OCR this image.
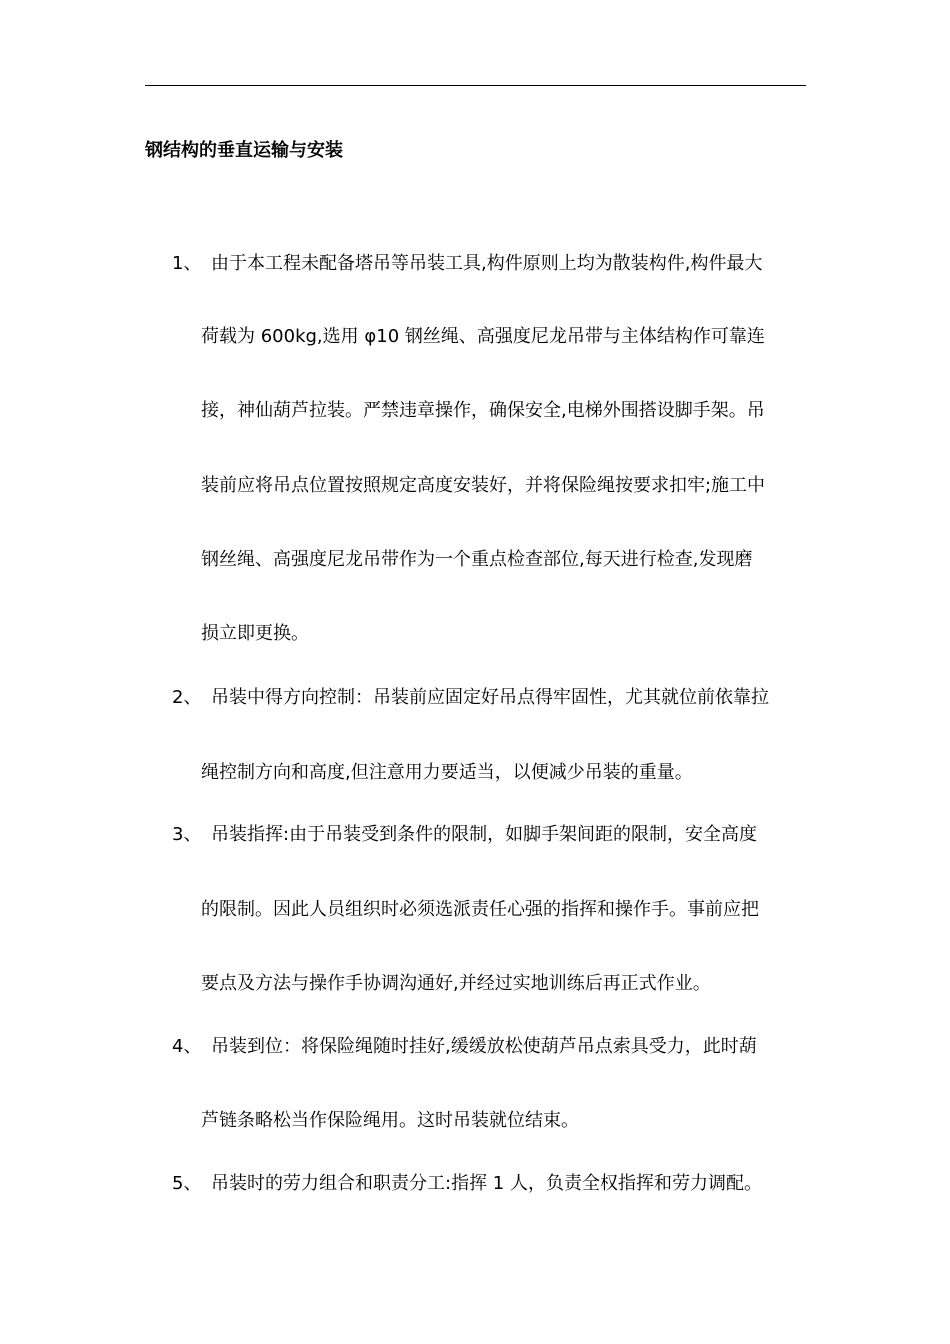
钢结构的垂直运输与安装
1、 由于本工程未配备塔吊等吊装工具,构件原则上均为散装构件,构件最大
荷载为 600kg,选用 φ10 钢丝绳、高强度尼龙吊带与主体结构作可靠连
接，神仙葫芦拉装。严禁违章操作，确保安全,电梯外围搭设脚手架。吊
装前应将吊点位置按照规定高度安装好，并将保险绳按要求扣牢;施工中
钢丝绳、高强度尼龙吊带作为一个重点检查部位,每天进行检查,发现磨
损立即更换。
2、 吊装中得方向控制：吊装前应固定好吊点得牢固性，尤其就位前依靠拉
绳控制方向和高度,但注意用力要适当，以便减少吊装的重量。
3、 吊装指挥:由于吊装受到条件的限制，如脚手架间距的限制，安全高度
的限制。因此人员组织时必须选派责任心强的指挥和操作手。事前应把
要点及方法与操作手协调沟通好,并经过实地训练后再正式作业。
4、 吊装到位：将保险绳随时挂好,缓缓放松使葫芦吊点索具受力，此时葫
芦链条略松当作保险绳用。这时吊装就位结束。
5、 吊装时的劳力组合和职责分工:指挥 1 人，负责全权指挥和劳力调配。
